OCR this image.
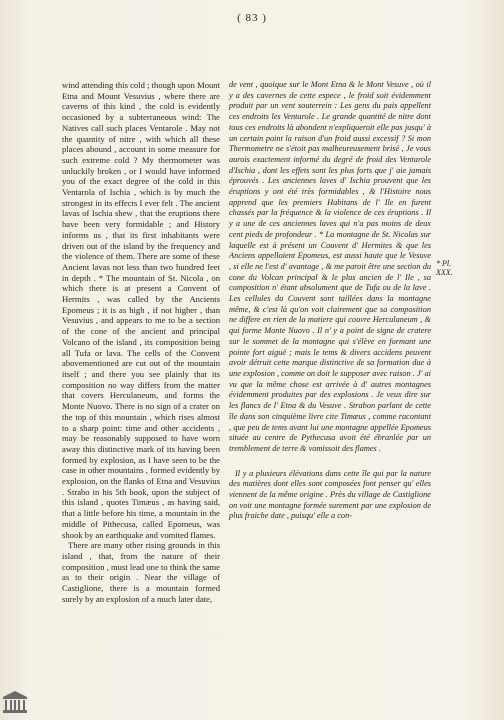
( 83 )

wind attending this cold ; though upon Mount Etna and Mount Vesuvius , where there are caverns of this kind , the cold is evidently occasioned by a subterraneous wind: The Natives call such places Ventarole . May not the quantity of nitre , with which all these places abound , account in some measure for such extreme cold ? My thermometer was unluckily broken , or I would have informed you of the exact degree of the cold in this Ventarola of Ischia , which is by much the strongest in its effects I ever felt . The ancient lavas of Ischia shew , that the eruptions there have been very formidable ; and History informs us , that its first inhabitants were driven out of the island by the frequency and the violence of them. There are some of these Ancient lavas not less than two hundred feet in depth . * The mountain of St. Nicola , on which there is at present a Convent of Hermits , was called by the Ancients Epomeus ; it is as high , if not higher , than Vesuvius , and appears to me to be a section of the cone of the ancient and principal Volcano of the island , its composition being all Tufa or lava. The cells of the Convent abovementioned are cut out of the mountain itself ; and there you see plainly that its composition no way differs from the matter that covers Herculaneum, and forms the Monte Nuovo. There is no sign of a crater on the top of this mountain , which rises almost to a sharp point: time and other accidents , may be reasonably supposed to have worn away this distinctive mark of its having been formed by explosion, as I have seen to be the case in other mountains , formed evidently by explosion, on the flanks of Etna and Vesuvius . Strabo in his 5th book, upon the subject of this island , quotes Timæus , as having said, that a little before his time, a mountain in the middle of Pithecusa, called Epomeus, was shook by an earthquake and vomited flames.

There are many other rising grounds in this island , that, from the nature of their composition , must lead one to think the same as to their origin . Near the village of Castiglione, there is a mountain formed surely by an explosion of a much later date,

de vent , quoique sur le Mont Etna & le Mont Vesuve , où il y a des cavernes de cette espece , le froid soit évidemment produit par un vent souterrein : Les gens du pais appellent ces endroits les Ventarole . Le grande quantité de nitre dont tous ces endroits là abondent n'expliqueroit elle pas jusqu' à un certain point la raison d'un froid aussi excessif ? Si mon Thermometre ne s'étoit pas malheureusement brisé , Je vous aurois exactement informé du degré de froid des Ventarole d'Ischia , dont les effets sont les plus forts que j' aie jamais éprouvés . Les anciennes laves d' Ischia prouvent que les éruptions y ont été très formidables , & l'Histoire nous apprend que les premiers Habitans de l' Ile en furent chassés par la fréquence & la violence de ces éruptions . Il y a une de ces anciennes laves qui n'a pas moins de deux cent pieds de profondeur . * La montagne de St. Nicolas sur laquelle est à présent un Couvent d' Hermites & que les Anciens appelloient Epomeus, est aussi haute que le Vesuve , si elle ne l'est d' avantage , & me paroit être une section du cone du Volcan principal & le plus ancien de l' Ile , sa composition n' étant absolument que de Tufa ou de la lave . Les cellules du Couvent sont taillées dans la montagne même, & c'est là qu'on voit clairement que sa composition ne differe en rien de la matiere qui couvre Herculaneum , & qui forme Monte Nuovo . Il n' y a point de signe de cratere sur le sommet de la montagne qui s'élève en formant une pointe fort aiguë ; mais le tems & divers accidens peuvent avoir détruit cette marque distinctive de sa formation due à une explosion , comme on doit le supposer avec raison . J' ai vu que la même chose est arrivée à d' autres montagnes évidemment produites par des explosions . Je veux dire sur les flancs de l' Etna & du Vesuve . Strabon parlant de cette île dans son cinquième livre cite Timæus , comme racontant , que peu de tems avant lui une montagne appellée Epomeus située au centre de Pythecusa avoit été ébranlée par un tremblement de terre & vomissoit des flames .

Il y a plusieurs élévations dans cette île qui par la nature des matières dont elles sont composées font penser qu' elles viennent de la même origine . Près du village de Castiglione on voit une montagne formée surement par une explosion de plus fraiche date , puisqu' elle a con-

* Pl. XXX.
